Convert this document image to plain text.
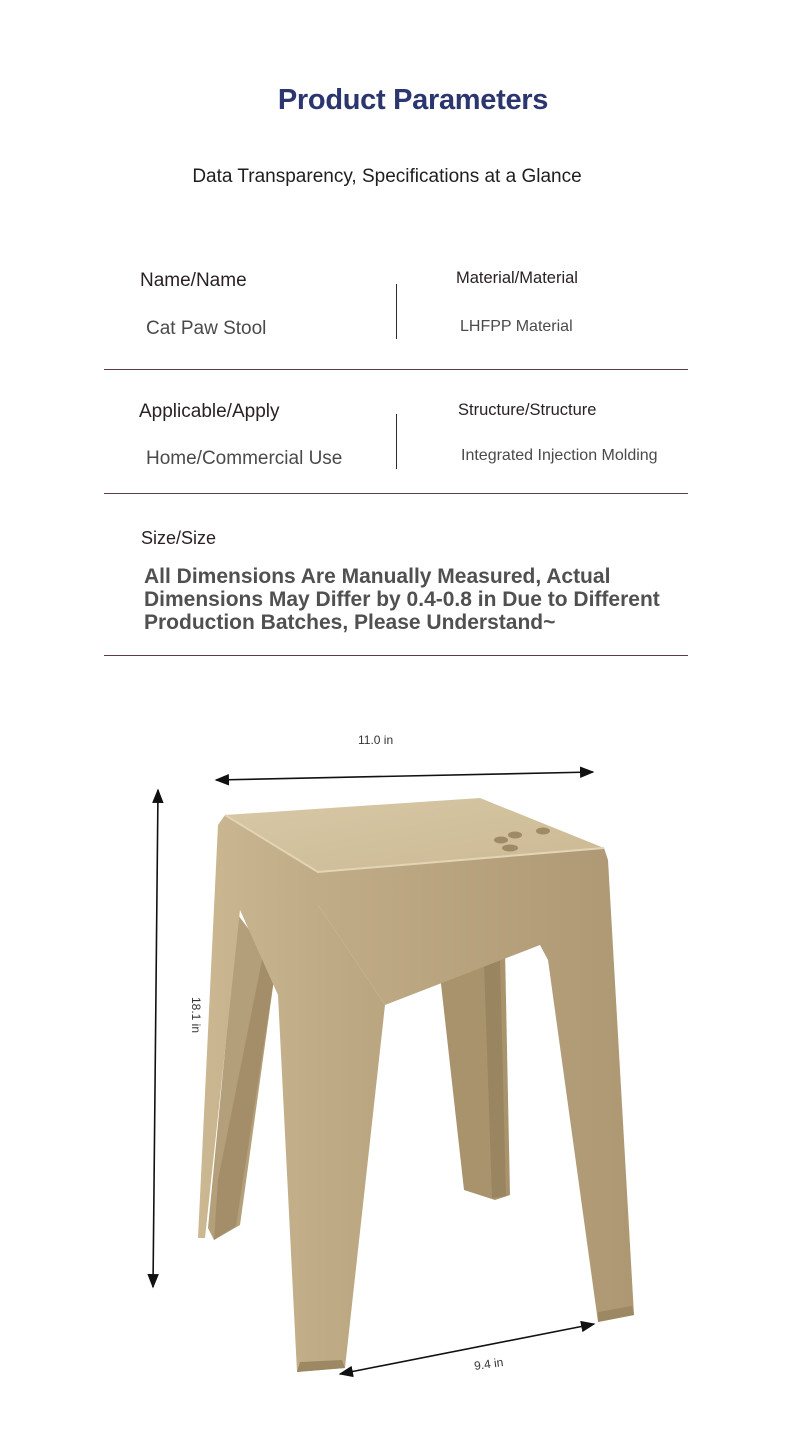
Product Parameters
Data Transparency, Specifications at a Glance
Name/Name
Cat Paw Stool
Material/Material
LHFPP Material
Applicable/Apply
Home/Commercial Use
Structure/Structure
Integrated Injection Molding
Size/Size
All Dimensions Are Manually Measured, Actual Dimensions May Differ by 0.4-0.8 in Due to Different Production Batches, Please Understand~
11.0 in
18.1 in
9.4 in
